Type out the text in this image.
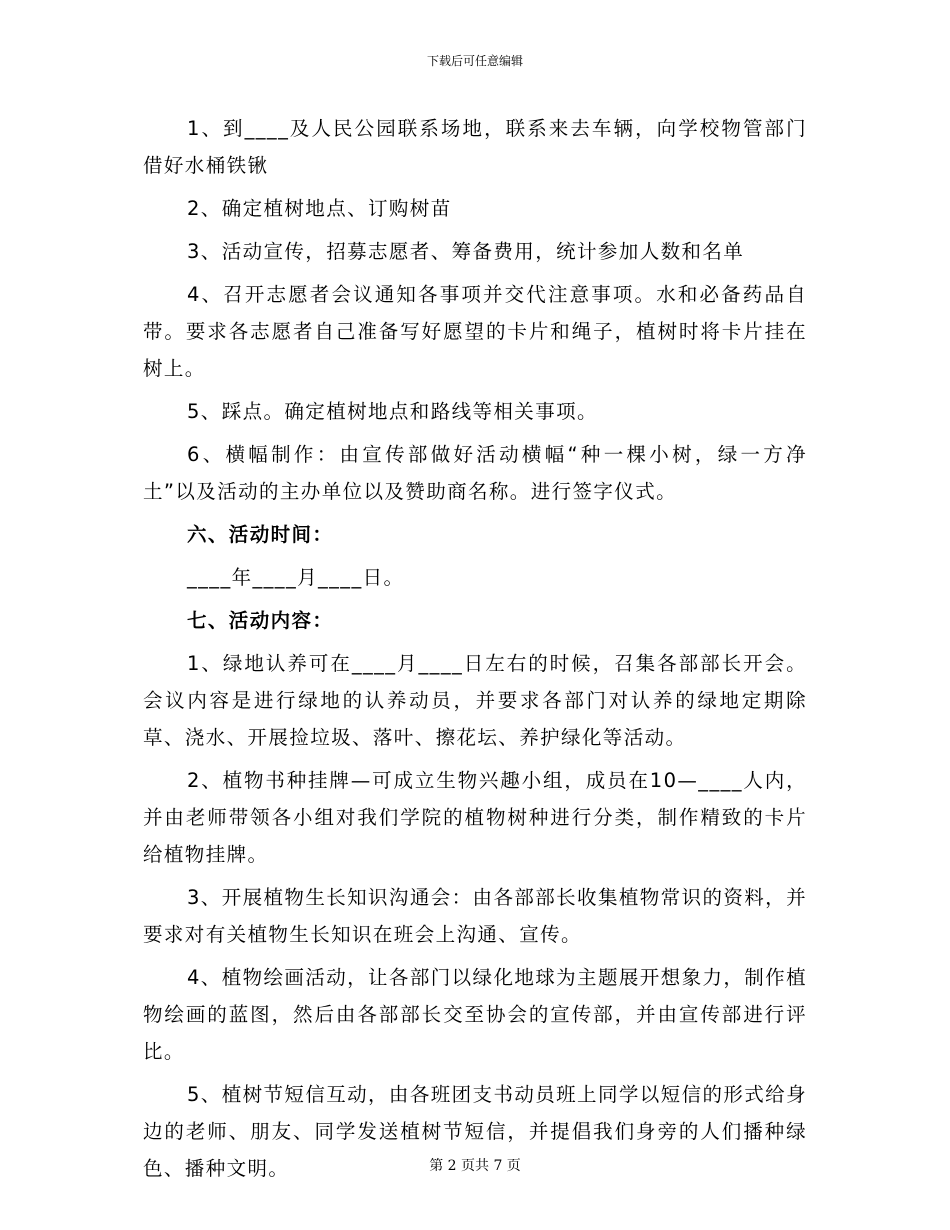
下载后可任意编辑

1、到____及人民公园联系场地，联系来去车辆，向学校物管部门借好水桶铁锹

2、确定植树地点、订购树苗

3、活动宣传，招募志愿者、筹备费用，统计参加人数和名单

4、召开志愿者会议通知各事项并交代注意事项。水和必备药品自带。要求各志愿者自己准备写好愿望的卡片和绳子，植树时将卡片挂在树上。

5、踩点。确定植树地点和路线等相关事项。

6、横幅制作：由宣传部做好活动横幅“种一棵小树，绿一方净土”以及活动的主办单位以及赞助商名称。进行签字仪式。

六、活动时间：

____年____月____日。

七、活动内容：

1、绿地认养可在____月____日左右的时候，召集各部部长开会。会议内容是进行绿地的认养动员，并要求各部门对认养的绿地定期除草、浇水、开展捡垃圾、落叶、擦花坛、养护绿化等活动。

2、植物书种挂牌—可成立生物兴趣小组，成员在10—____人内，并由老师带领各小组对我们学院的植物树种进行分类，制作精致的卡片给植物挂牌。

3、开展植物生长知识沟通会：由各部部长收集植物常识的资料，并要求对有关植物生长知识在班会上沟通、宣传。

4、植物绘画活动，让各部门以绿化地球为主题展开想象力，制作植物绘画的蓝图，然后由各部部长交至协会的宣传部，并由宣传部进行评比。

5、植树节短信互动，由各班团支书动员班上同学以短信的形式给身边的老师、朋友、同学发送植树节短信，并提倡我们身旁的人们播种绿色、播种文明。	第 2 页共 7 页
